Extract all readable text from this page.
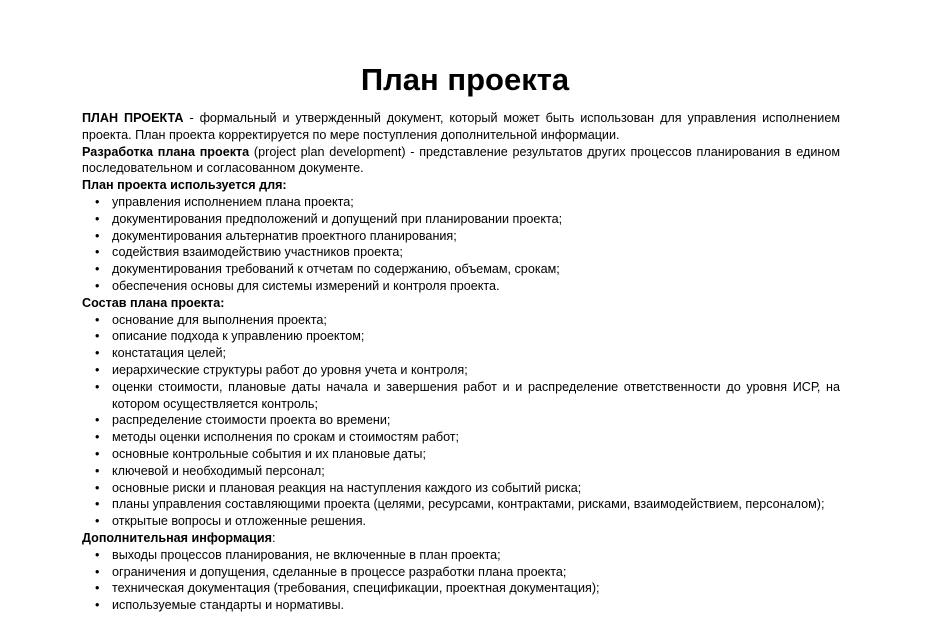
План проекта

ПЛАН ПРОЕКТА - формальный и утвержденный документ, который может быть использован для управления исполнением проекта. План проекта корректируется по мере поступления дополнительной информации.

Разработка плана проекта (project plan development) - представление результатов других процессов планирования в едином последовательном и согласованном документе.

План проекта используется для:

• управления исполнением плана проекта;
• документирования предположений и допущений при планировании проекта;
• документирования альтернатив проектного планирования;
• содействия взаимодействию участников проекта;
• документирования требований к отчетам по содержанию, объемам, срокам;
• обеспечения основы для системы измерений и контроля проекта.

Состав плана проекта:

• основание для выполнения проекта;
• описание подхода к управлению проектом;
• констатация целей;
• иерархические структуры работ до уровня учета и контроля;
• оценки стоимости, плановые даты начала и завершения работ и и распределение ответственности до уровня ИСР, на котором осуществляется контроль;
• распределение стоимости проекта во времени;
• методы оценки исполнения по срокам и стоимостям работ;
• основные контрольные события и их плановые даты;
• ключевой и необходимый персонал;
• основные риски и плановая реакция на наступления каждого из событий риска;
• планы управления составляющими проекта (целями, ресурсами, контрактами, рисками, взаимодействием, персоналом);
• открытые вопросы и отложенные решения.

Дополнительная информация:

• выходы процессов планирования, не включенные в план проекта;
• ограничения и допущения, сделанные в процессе разработки плана проекта;
• техническая документация (требования, спецификации, проектная документация);
• используемые стандарты и нормативы.
